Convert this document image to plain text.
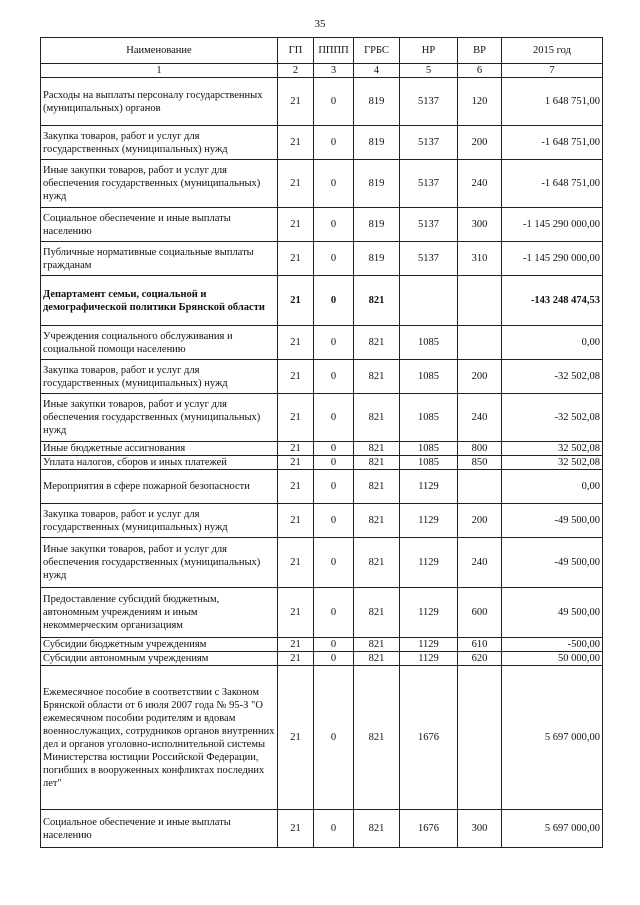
35
Наименование	ГП	ПППП	ГРБС	НР	ВР	2015 год
1	2	3	4	5	6	7
Расходы на выплаты персоналу государственных (муниципальных) органов	21	0	819	5137	120	1 648 751,00
Закупка товаров, работ и услуг для государственных (муниципальных) нужд	21	0	819	5137	200	-1 648 751,00
Иные закупки товаров, работ и услуг для обеспечения государственных (муниципальных) нужд	21	0	819	5137	240	-1 648 751,00
Социальное обеспечение и иные выплаты населению	21	0	819	5137	300	-1 145 290 000,00
Публичные нормативные социальные выплаты гражданам	21	0	819	5137	310	-1 145 290 000,00
Департамент семьи, социальной и демографической политики Брянской области	21	0	821			-143 248 474,53
Учреждения социального обслуживания и социальной помощи населению	21	0	821	1085		0,00
Закупка товаров, работ и услуг для государственных (муниципальных) нужд	21	0	821	1085	200	-32 502,08
Иные закупки товаров, работ и услуг для обеспечения государственных (муниципальных) нужд	21	0	821	1085	240	-32 502,08
Иные бюджетные ассигнования	21	0	821	1085	800	32 502,08
Уплата налогов, сборов и иных платежей	21	0	821	1085	850	32 502,08
Мероприятия в сфере пожарной безопасности	21	0	821	1129		0,00
Закупка товаров, работ и услуг для государственных (муниципальных) нужд	21	0	821	1129	200	-49 500,00
Иные закупки товаров, работ и услуг для обеспечения государственных (муниципальных) нужд	21	0	821	1129	240	-49 500,00
Предоставление субсидий бюджетным, автономным учреждениям и иным некоммерческим организациям	21	0	821	1129	600	49 500,00
Субсидии бюджетным учреждениям	21	0	821	1129	610	-500,00
Субсидии автономным учреждениям	21	0	821	1129	620	50 000,00
Ежемесячное пособие в соответствии с Законом Брянской области от 6 июля 2007 года № 95-З "О ежемесячном пособии родителям и вдовам военнослужащих, сотрудников органов внутренних дел и органов уголовно-исполнительной системы Министерства юстиции Российской Федерации, погибших в вооруженных конфликтах последних лет"	21	0	821	1676		5 697 000,00
Социальное обеспечение и иные выплаты населению	21	0	821	1676	300	5 697 000,00
